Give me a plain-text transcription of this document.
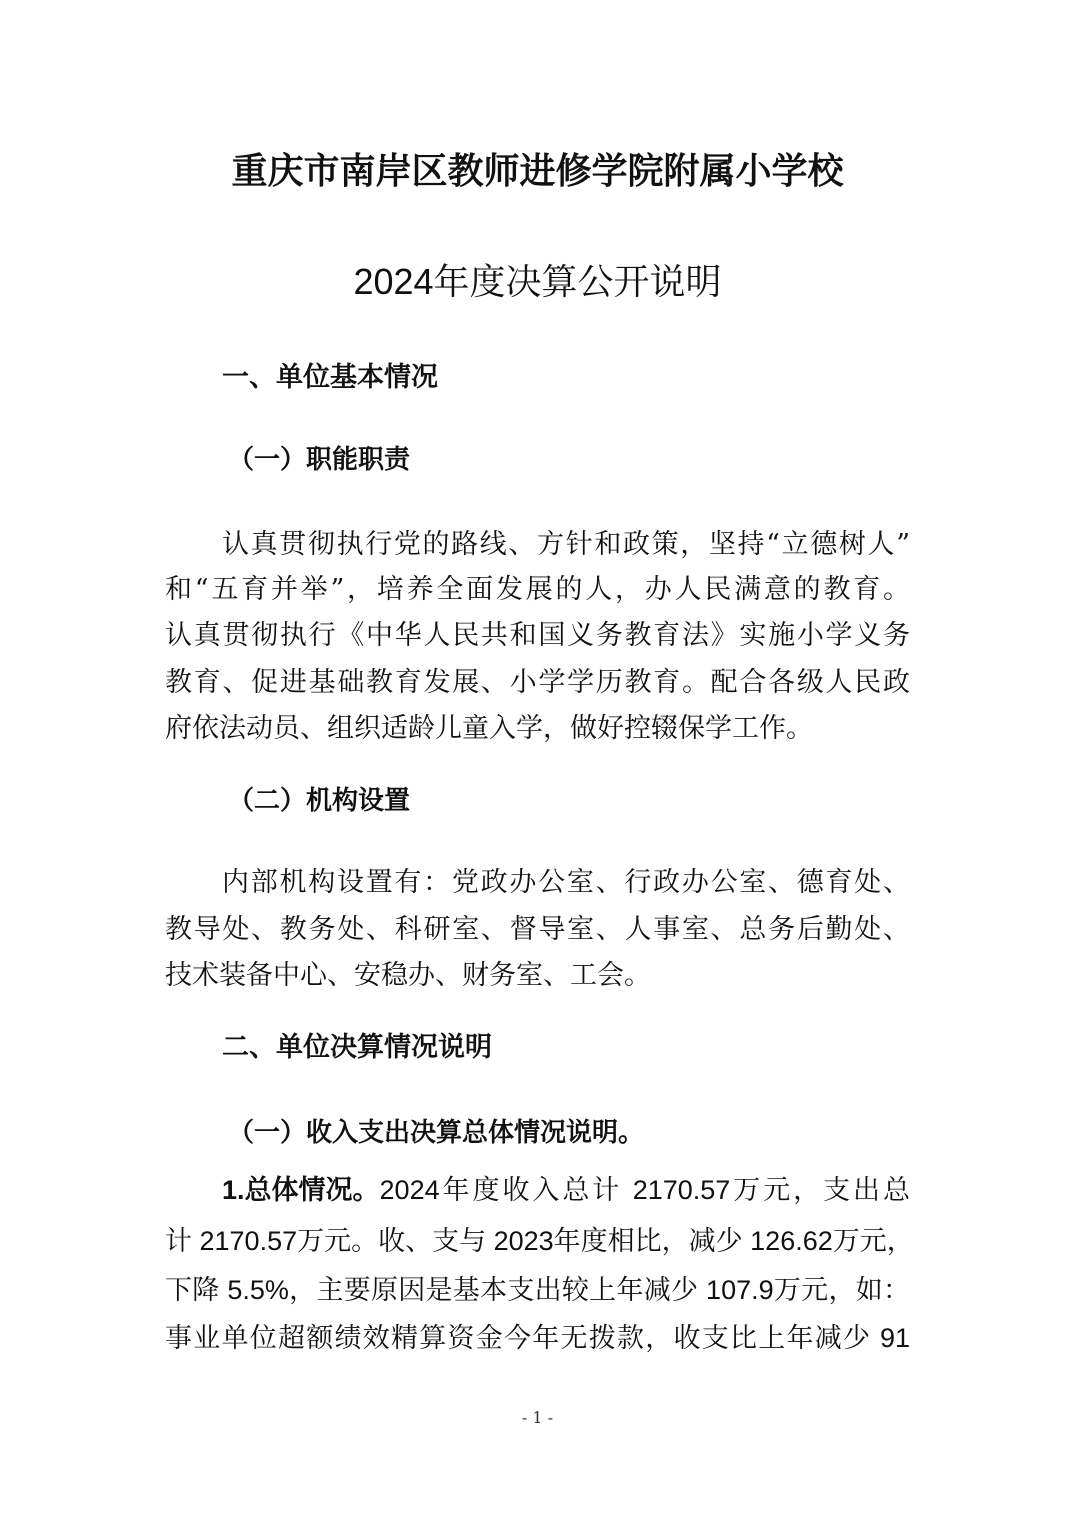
重庆市南岸区教师进修学院附属小学校
2024年度决算公开说明
一、单位基本情况
（一）职能职责
认真贯彻执行党的路线、方针和政策，坚持“立德树人”
和“五育并举”，培养全面发展的人，办人民满意的教育。
认真贯彻执行《中华人民共和国义务教育法》实施小学义务
教育、促进基础教育发展、小学学历教育。配合各级人民政
府依法动员、组织适龄儿童入学，做好控辍保学工作。
（二）机构设置
内部机构设置有：党政办公室、行政办公室、德育处、
教导处、教务处、科研室、督导室、人事室、总务后勤处、
技术装备中心、安稳办、财务室、工会。
二、单位决算情况说明
（一）收入支出决算总体情况说明。
1.总体情况。 2024年度收入总计 2170.57万元，支出总
计 2170.57万元。收、支与 2023年度相比，减少 126.62万元，
下降 5.5%，主要原因是基本支出较上年减少 107.9万元，如：
事业单位超额绩效精算资金今年无拨款，收支比上年减少 91
- 1 -
